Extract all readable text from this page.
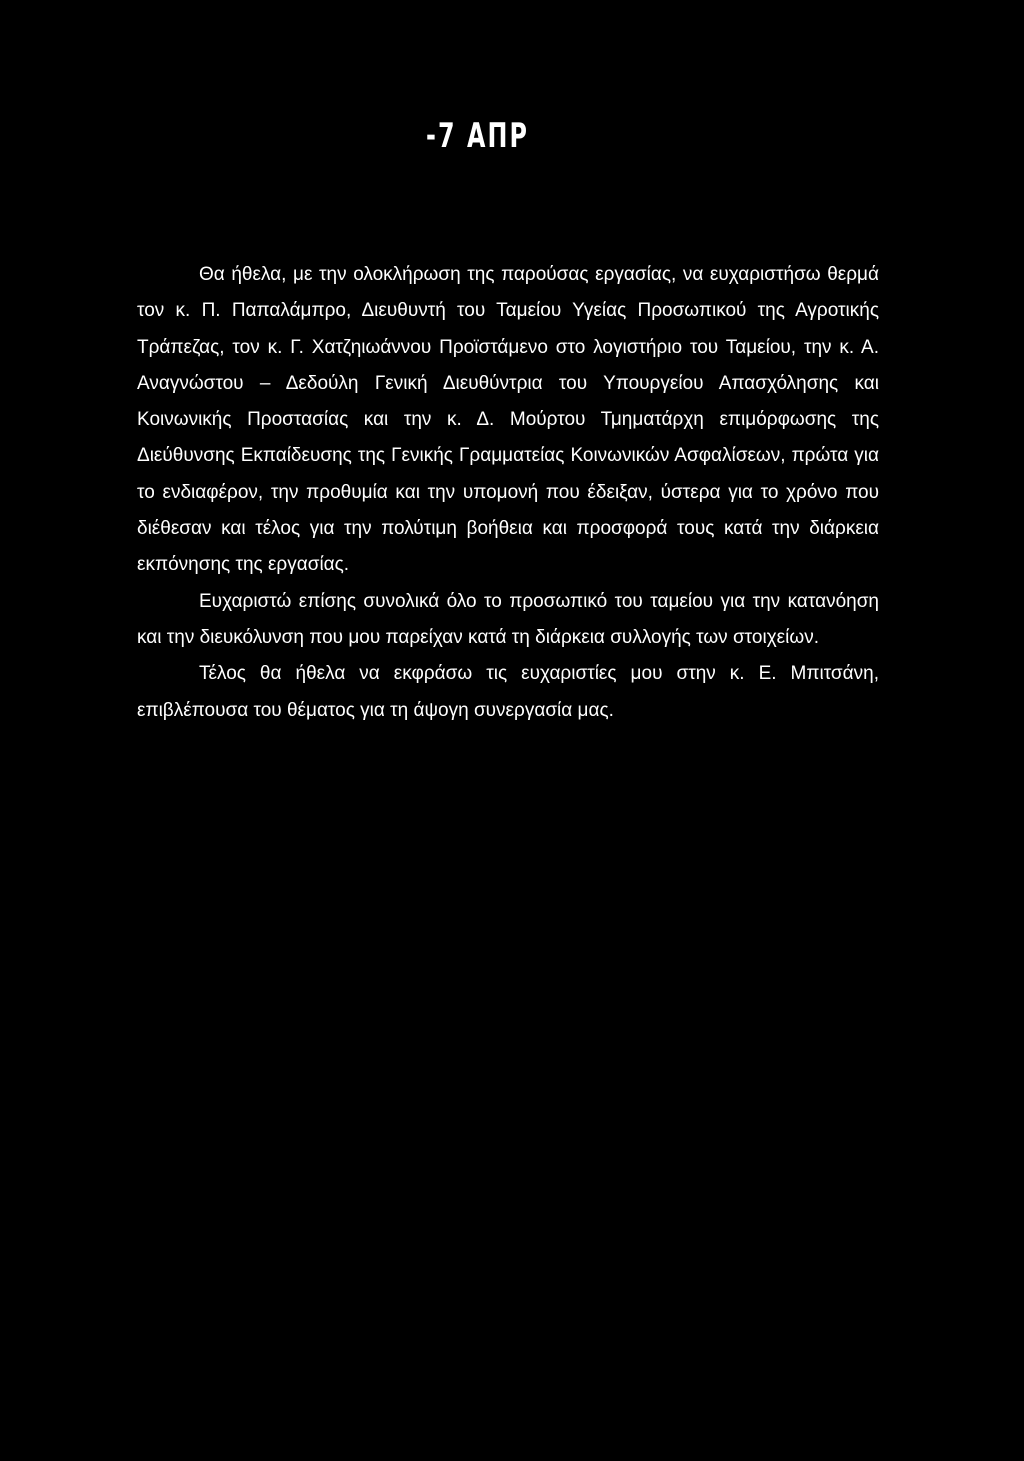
-7 ΑΠΡ

Θα ήθελα, με την ολοκλήρωση της παρούσας εργασίας, να ευχαριστήσω θερμά τον κ. Π. Παπαλάμπρο, Διευθυντή του Ταμείου Υγείας Προσωπικού της Αγροτικής Τράπεζας, τον κ. Γ. Χατζηιωάννου Προϊστάμενο στο λογιστήριο του Ταμείου, την κ. Α. Αναγνώστου – Δεδούλη Γενική Διευθύντρια του Υπουργείου Απασχόλησης και Κοινωνικής Προστασίας και την κ. Δ. Μούρτου Τμηματάρχη επιμόρφωσης της Διεύθυνσης Εκπαίδευσης της Γενικής Γραμματείας Κοινωνικών Ασφαλίσεων, πρώτα για το ενδιαφέρον, την προθυμία και την υπομονή που έδειξαν, ύστερα για το χρόνο που διέθεσαν και τέλος για την πολύτιμη βοήθεια και προσφορά τους κατά την διάρκεια εκπόνησης της εργασίας.

Ευχαριστώ επίσης συνολικά όλο το προσωπικό του ταμείου για την κατανόηση και την διευκόλυνση που μου παρείχαν κατά τη διάρκεια συλλογής των στοιχείων.

Τέλος θα ήθελα να εκφράσω τις ευχαριστίες μου στην κ. Ε. Μπιτσάνη, επιβλέπουσα του θέματος για τη άψογη συνεργασία μας.
